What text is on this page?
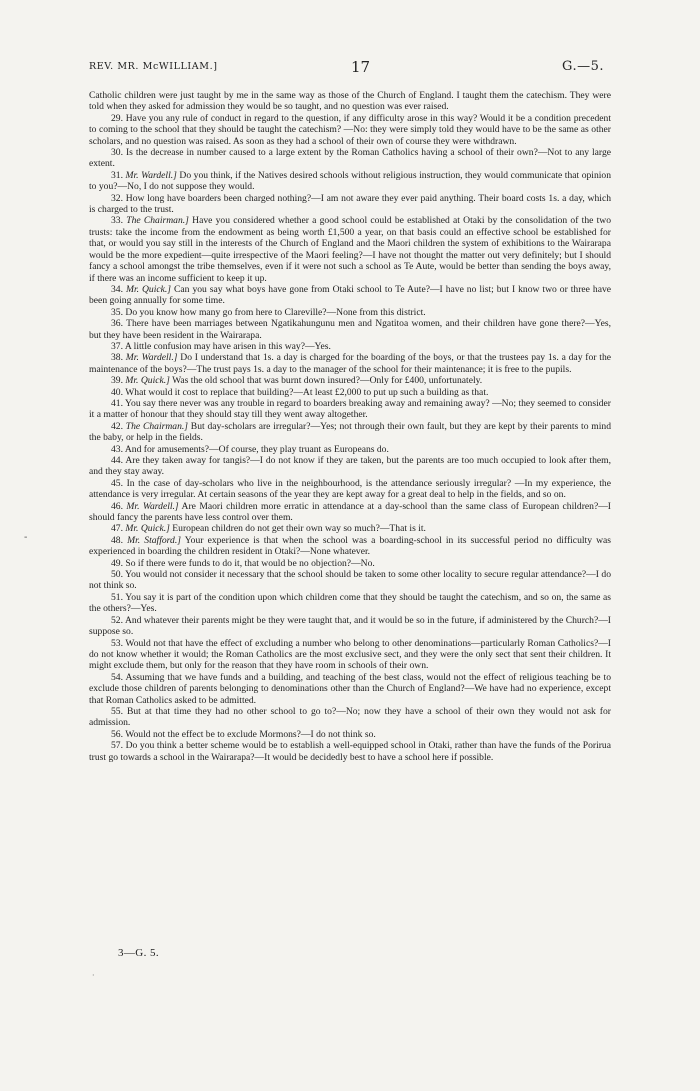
REV. MR. McWILLIAM.]	17	G.—5.

Catholic children were just taught by me in the same way as those of the Church of England. I taught them the catechism. They were told when they asked for admission they would be so taught, and no question was ever raised.

29. Have you any rule of conduct in regard to the question, if any difficulty arose in this way? Would it be a condition precedent to coming to the school that they should be taught the catechism? —No: they were simply told they would have to be the same as other scholars, and no question was raised. As soon as they had a school of their own of course they were withdrawn.

30. Is the decrease in number caused to a large extent by the Roman Catholics having a school of their own?—Not to any large extent.

31. Mr. Wardell.] Do you think, if the Natives desired schools without religious instruction, they would communicate that opinion to you?—No, I do not suppose they would.

32. How long have boarders been charged nothing?—I am not aware they ever paid anything. Their board costs 1s. a day, which is charged to the trust.

33. The Chairman.] Have you considered whether a good school could be established at Otaki by the consolidation of the two trusts: take the income from the endowment as being worth £1,500 a year, on that basis could an effective school be established for that, or would you say still in the interests of the Church of England and the Maori children the system of exhibitions to the Wairarapa would be the more expedient—quite irrespective of the Maori feeling?—I have not thought the matter out very definitely; but I should fancy a school amongst the tribe themselves, even if it were not such a school as Te Aute, would be better than sending the boys away, if there was an income sufficient to keep it up.

34. Mr. Quick.] Can you say what boys have gone from Otaki school to Te Aute?—I have no list; but I know two or three have been going annually for some time.

35. Do you know how many go from here to Clareville?—None from this district.

36. There have been marriages between Ngatikahungunu men and Ngatitoa women, and their children have gone there?—Yes, but they have been resident in the Wairarapa.

37. A little confusion may have arisen in this way?—Yes.

38. Mr. Wardell.] Do I understand that 1s. a day is charged for the boarding of the boys, or that the trustees pay 1s. a day for the maintenance of the boys?—The trust pays 1s. a day to the manager of the school for their maintenance; it is free to the pupils.

39. Mr. Quick.] Was the old school that was burnt down insured?—Only for £400, unfortunately.

40. What would it cost to replace that building?—At least £2,000 to put up such a building as that.

41. You say there never was any trouble in regard to boarders breaking away and remaining away? —No; they seemed to consider it a matter of honour that they should stay till they went away altogether.

42. The Chairman.] But day-scholars are irregular?—Yes; not through their own fault, but they are kept by their parents to mind the baby, or help in the fields.

43. And for amusements?—Of course, they play truant as Europeans do.

44. Are they taken away for tangis?—I do not know if they are taken, but the parents are too much occupied to look after them, and they stay away.

45. In the case of day-scholars who live in the neighbourhood, is the attendance seriously irregular? —In my experience, the attendance is very irregular. At certain seasons of the year they are kept away for a great deal to help in the fields, and so on.

46. Mr. Wardell.] Are Maori children more erratic in attendance at a day-school than the same class of European children?—I should fancy the parents have less control over them.

47. Mr. Quick.] European children do not get their own way so much?—That is it.

48. Mr. Stafford.] Your experience is that when the school was a boarding-school in its successful period no difficulty was experienced in boarding the children resident in Otaki?—None whatever.

49. So if there were funds to do it, that would be no objection?—No.

50. You would not consider it necessary that the school should be taken to some other locality to secure regular attendance?—I do not think so.

51. You say it is part of the condition upon which children come that they should be taught the catechism, and so on, the same as the others?—Yes.

52. And whatever their parents might be they were taught that, and it would be so in the future, if administered by the Church?—I suppose so.

53. Would not that have the effect of excluding a number who belong to other denominations—particularly Roman Catholics?—I do not know whether it would; the Roman Catholics are the most exclusive sect, and they were the only sect that sent their children. It might exclude them, but only for the reason that they have room in schools of their own.

54. Assuming that we have funds and a building, and teaching of the best class, would not the effect of religious teaching be to exclude those children of parents belonging to denominations other than the Church of England?—We have had no experience, except that Roman Catholics asked to be admitted.

55. But at that time they had no other school to go to?—No; now they have a school of their own they would not ask for admission.

56. Would not the effect be to exclude Mormons?—I do not think so.

57. Do you think a better scheme would be to establish a well-equipped school in Otaki, rather than have the funds of the Porirua trust go towards a school in the Wairarapa?—It would be decidedly best to have a school here if possible.

-
·
3—G. 5.
